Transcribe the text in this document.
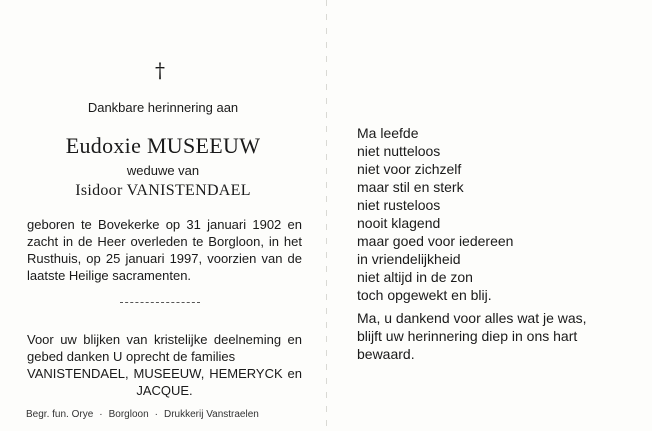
†
Dankbare herinnering aan
Eudoxie MUSEEUW
weduwe van
Isidoor VANISTENDAEL
geboren te Bovekerke op 31 januari 1902 en
zacht in de Heer overleden te Borgloon, in het
Rusthuis, op 25 januari 1997, voorzien van de
laatste Heilige sacramenten.
Voor uw blijken van kristelijke deelneming en
gebed danken U oprecht de families
VANISTENDAEL, MUSEEUW, HEMERYCK en
JACQUE.
Begr. fun. Orye · Borgloon · Drukkerij Vanstraelen
Ma leefde
niet nutteloos
niet voor zichzelf
maar stil en sterk
niet rusteloos
nooit klagend
maar goed voor iedereen
in vriendelijkheid
niet altijd in de zon
toch opgewekt en blij.
Ma, u dankend voor alles wat je was,
blijft uw herinnering diep in ons hart
bewaard.
